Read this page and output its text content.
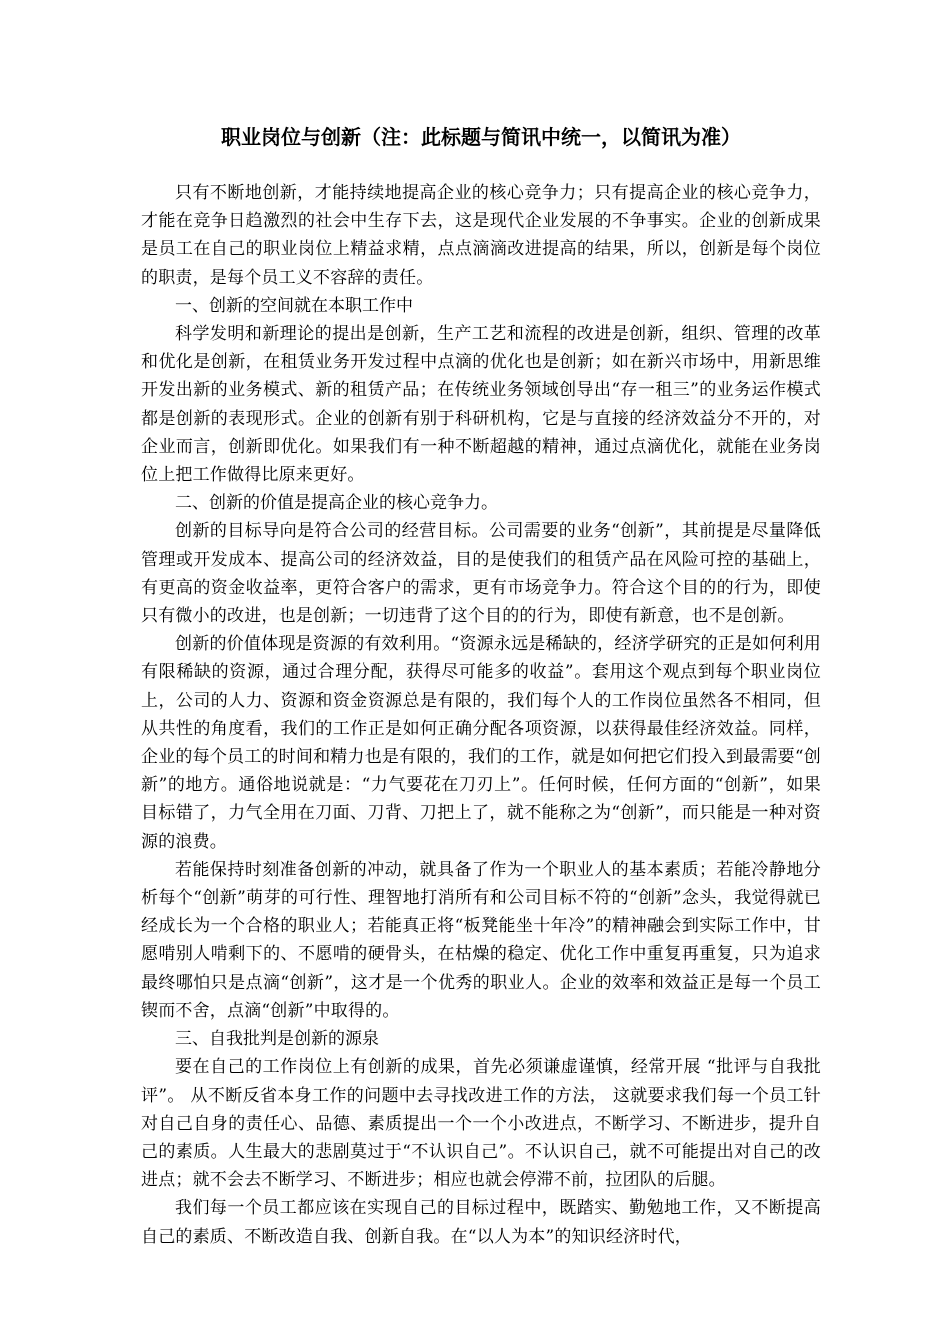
职业岗位与创新（注：此标题与简讯中统一，以简讯为准）

只有不断地创新，才能持续地提高企业的核心竞争力；只有提高企业的核心竞争力，才能在竞争日趋激烈的社会中生存下去，这是现代企业发展的不争事实。企业的创新成果是员工在自己的职业岗位上精益求精，点点滴滴改进提高的结果，所以，创新是每个岗位的职责，是每个员工义不容辞的责任。

一、创新的空间就在本职工作中

科学发明和新理论的提出是创新，生产工艺和流程的改进是创新，组织、管理的改革和优化是创新，在租赁业务开发过程中点滴的优化也是创新；如在新兴市场中，用新思维开发出新的业务模式、新的租赁产品；在传统业务领域创导出“存一租三”的业务运作模式都是创新的表现形式。企业的创新有别于科研机构，它是与直接的经济效益分不开的，对企业而言，创新即优化。如果我们有一种不断超越的精神，通过点滴优化，就能在业务岗位上把工作做得比原来更好。

二、创新的价值是提高企业的核心竞争力。

创新的目标导向是符合公司的经营目标。公司需要的业务“创新”，其前提是尽量降低管理或开发成本、提高公司的经济效益，目的是使我们的租赁产品在风险可控的基础上，有更高的资金收益率，更符合客户的需求，更有市场竞争力。符合这个目的的行为，即使只有微小的改进，也是创新；一切违背了这个目的的行为，即使有新意，也不是创新。

创新的价值体现是资源的有效利用。“资源永远是稀缺的，经济学研究的正是如何利用有限稀缺的资源，通过合理分配，获得尽可能多的收益”。套用这个观点到每个职业岗位上，公司的人力、资源和资金资源总是有限的，我们每个人的工作岗位虽然各不相同，但从共性的角度看，我们的工作正是如何正确分配各项资源，以获得最佳经济效益。同样，企业的每个员工的时间和精力也是有限的，我们的工作，就是如何把它们投入到最需要“创新”的地方。通俗地说就是：“力气要花在刀刃上”。任何时候，任何方面的“创新”，如果目标错了，力气全用在刀面、刀背、刀把上了，就不能称之为“创新”，而只能是一种对资源的浪费。

若能保持时刻准备创新的冲动，就具备了作为一个职业人的基本素质；若能冷静地分析每个“创新”萌芽的可行性、理智地打消所有和公司目标不符的“创新”念头，我觉得就已经成长为一个合格的职业人；若能真正将“板凳能坐十年冷”的精神融会到实际工作中，甘愿啃别人啃剩下的、不愿啃的硬骨头，在枯燥的稳定、优化工作中重复再重复，只为追求最终哪怕只是点滴“创新”，这才是一个优秀的职业人。企业的效率和效益正是每一个员工锲而不舍，点滴“创新”中取得的。

三、自我批判是创新的源泉

要在自己的工作岗位上有创新的成果，首先必须谦虚谨慎，经常开展 “批评与自我批评”。 从不断反省本身工作的问题中去寻找改进工作的方法， 这就要求我们每一个员工针对自己自身的责任心、品德、素质提出一个一个小改进点，不断学习、不断进步，提升自己的素质。人生最大的悲剧莫过于“不认识自己”。不认识自己，就不可能提出对自己的改进点；就不会去不断学习、不断进步；相应也就会停滞不前，拉团队的后腿。

我们每一个员工都应该在实现自己的目标过程中，既踏实、勤勉地工作，又不断提高自己的素质、不断改造自我、创新自我。在“以人为本”的知识经济时代，
